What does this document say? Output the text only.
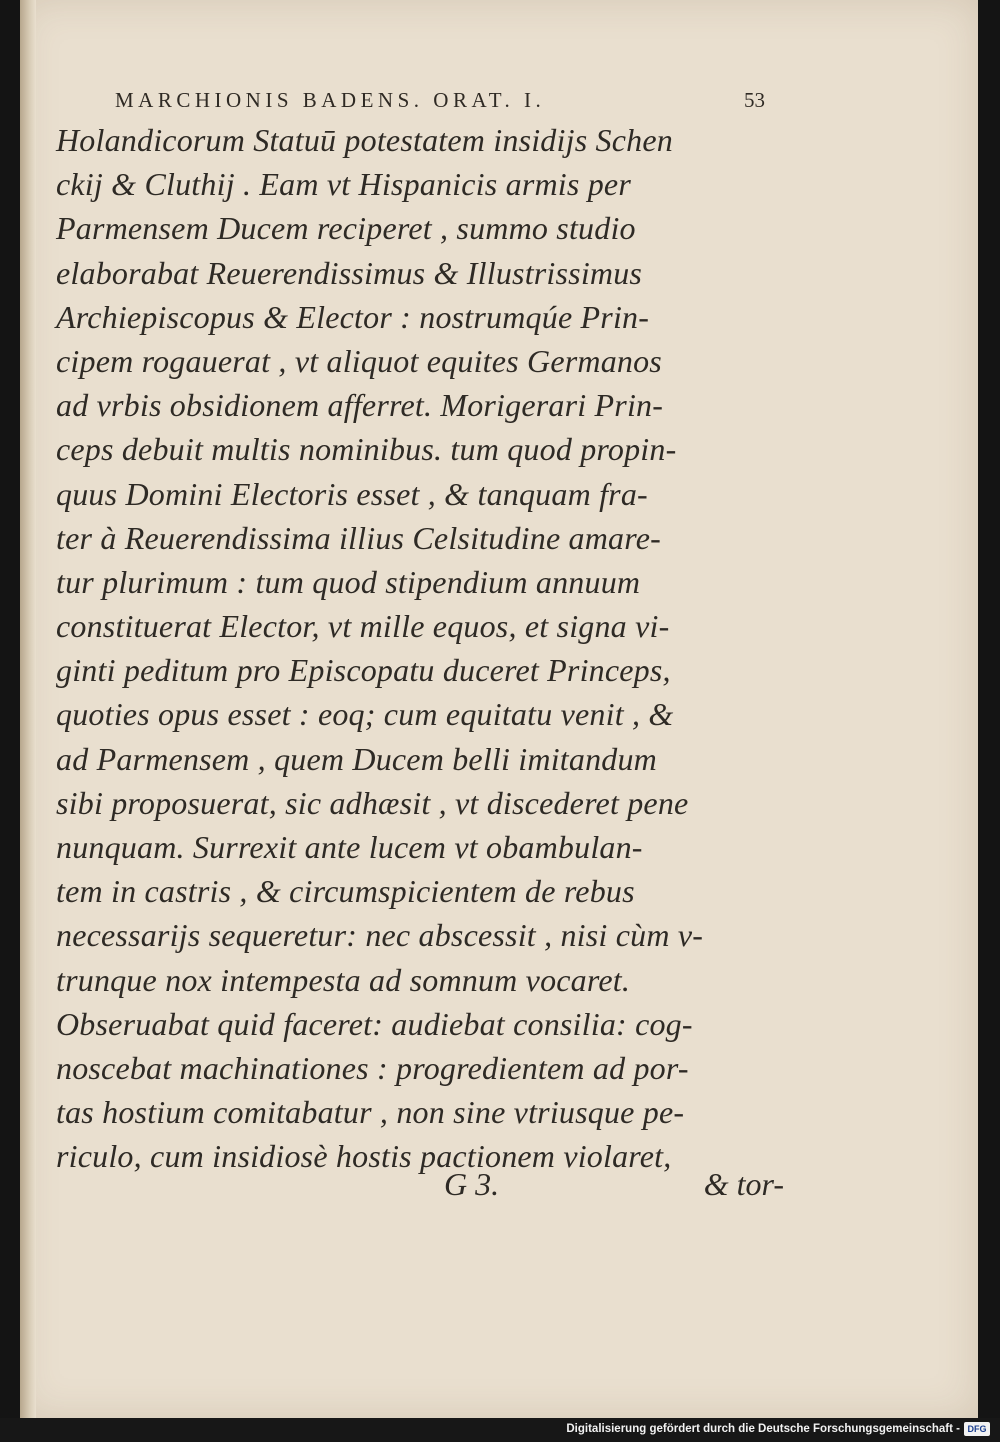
MARCHIONIS BADENS. ORAT. I.	53
Holandicorum Statuū potestatem insidijs Schen
ckij & Cluthij . Eam vt Hispanicis armis per
Parmensem Ducem reciperet , summo studio
elaborabat Reuerendissimus & Illustrissimus
Archiepiscopus & Elector : nostrumqúe Prin-
cipem rogauerat , vt aliquot equites Germanos
ad vrbis obsidionem afferret. Morigerari Prin-
ceps debuit multis nominibus. tum quod propin-
quus Domini Electoris esset , & tanquam fra-
ter à Reuerendissima illius Celsitudine amare-
tur plurimum : tum quod stipendium annuum
constituerat Elector, vt mille equos, et signa vi-
ginti peditum pro Episcopatu duceret Princeps,
quoties opus esset : eoq; cum equitatu venit , &
ad Parmensem , quem Ducem belli imitandum
sibi proposuerat, sic adhæsit , vt discederet pene
nunquam. Surrexit ante lucem vt obambulan-
tem in castris , & circumspicientem de rebus
necessarijs sequeretur: nec abscessit , nisi cùm v-
trunque nox intempesta ad somnum vocaret.
Obseruabat quid faceret: audiebat consilia: cog-
noscebat machinationes : progredientem ad por-
tas hostium comitabatur , non sine vtriusque pe-
riculo, cum insidiosè hostis pactionem violaret,
G 3.	& tor-
Digitalisierung gefördert durch die Deutsche Forschungsgemeinschaft - DFG
